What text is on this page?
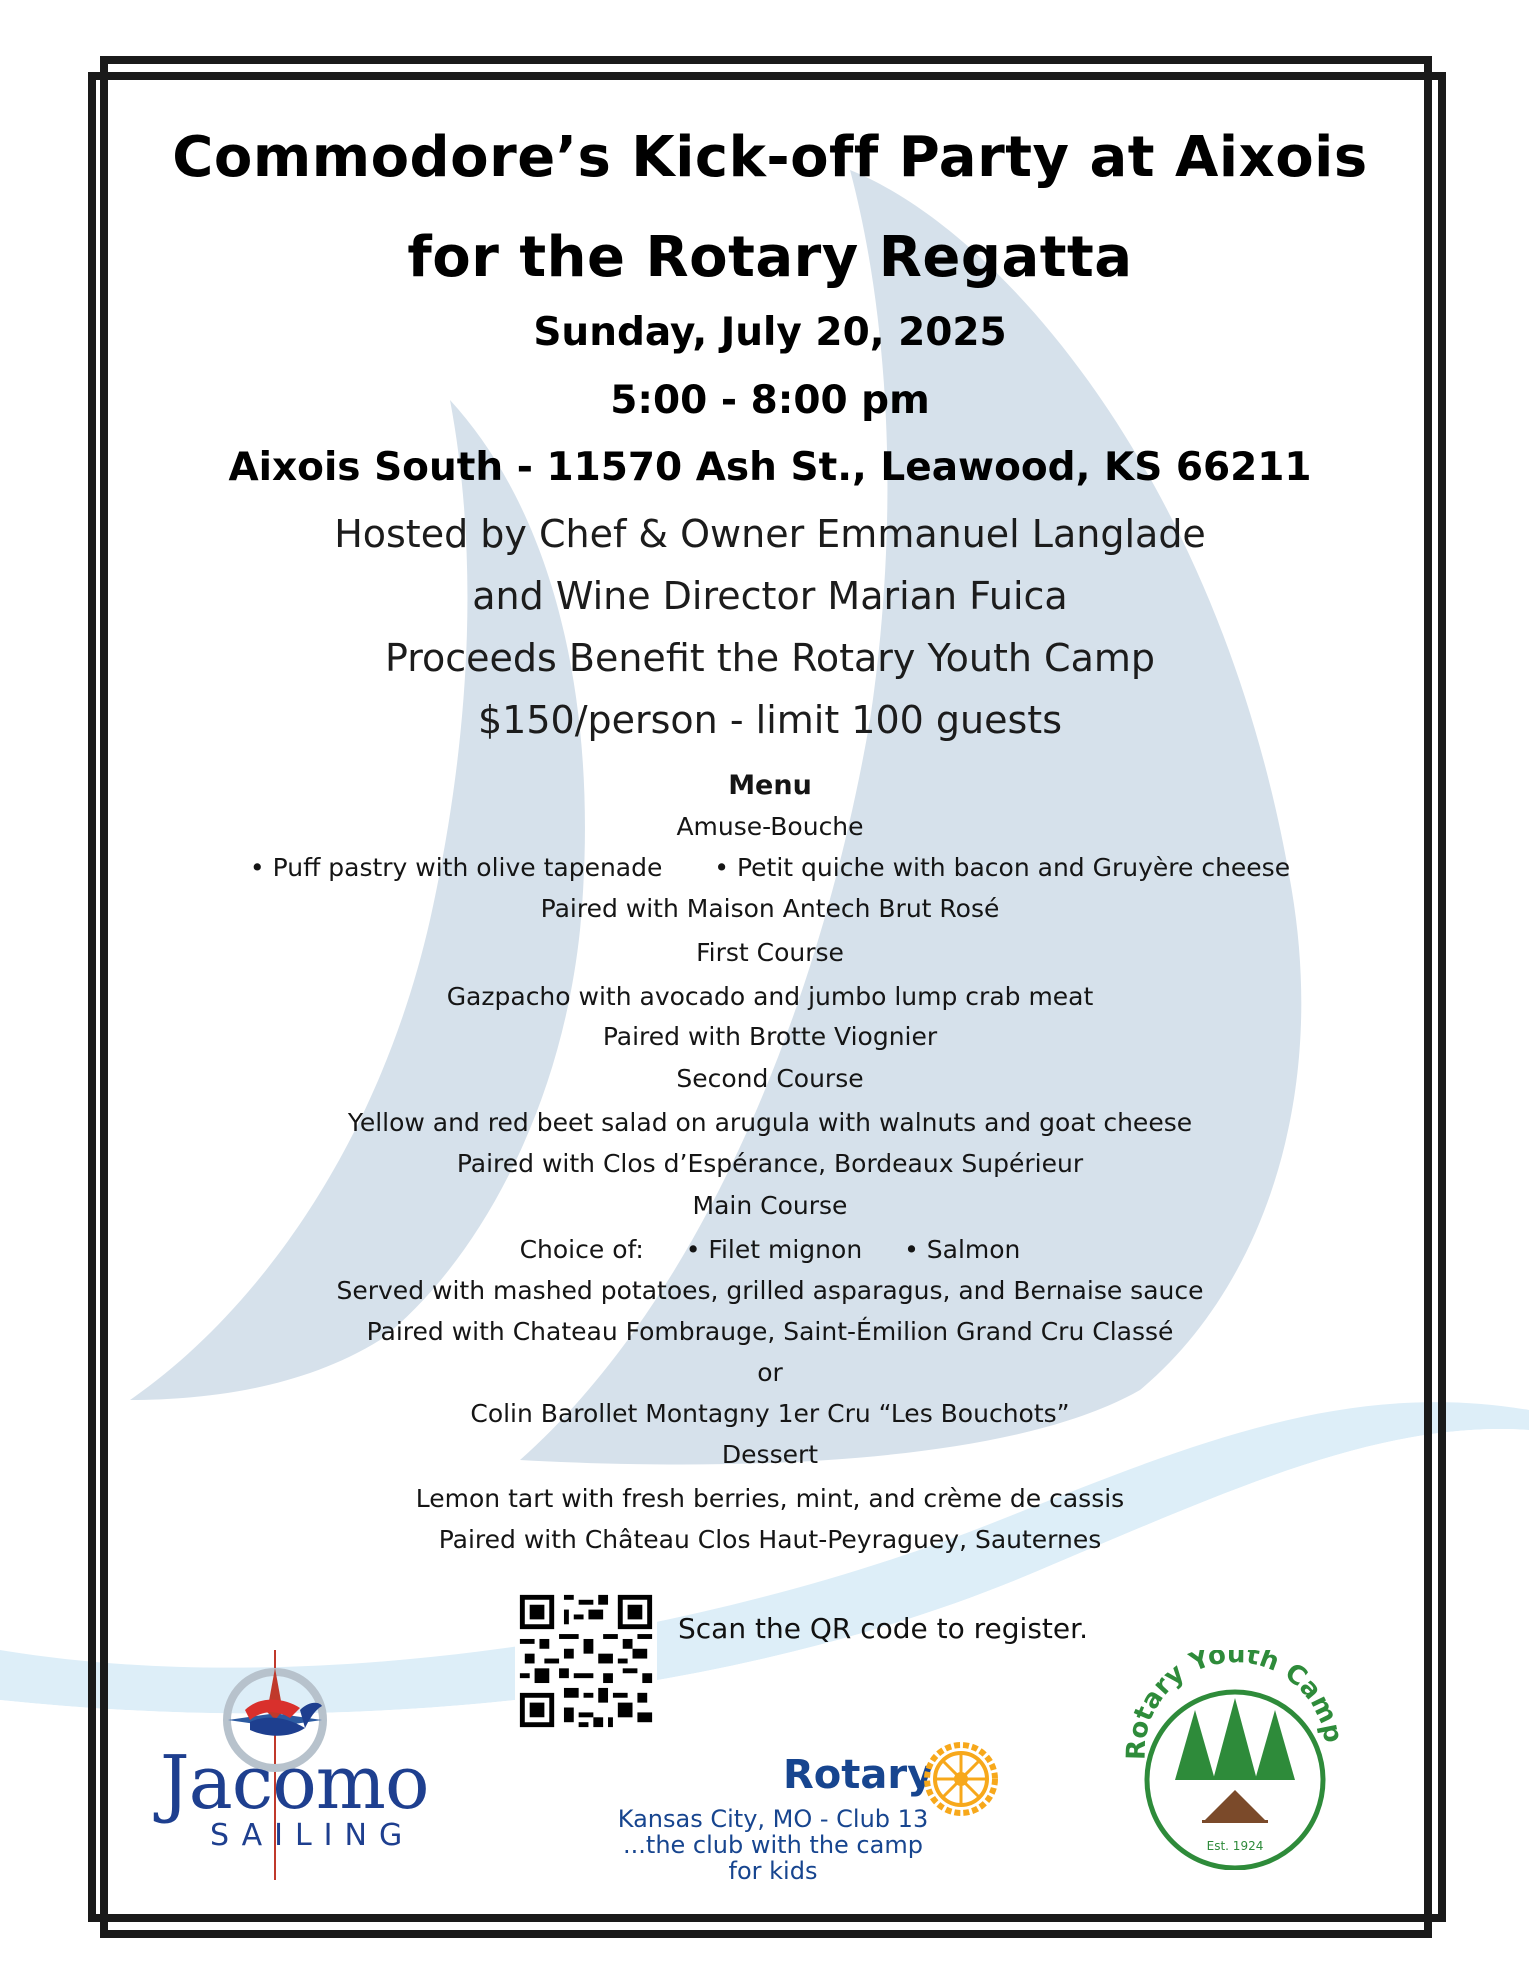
Commodore’s Kick-off Party at Aixois
for the Rotary Regatta
Sunday, July 20, 2025
5:00 - 8:00 pm
Aixois South - 11570 Ash St., Leawood, KS 66211
Hosted by Chef & Owner Emmanuel Langlade
and Wine Director Marian Fuica
Proceeds Benefit the Rotary Youth Camp
$150/person - limit 100 guests
Menu
Amuse-Bouche
• Puff pastry with olive tapenade • Petit quiche with bacon and Gruyère cheese
Paired with Maison Antech Brut Rosé
First Course
Gazpacho with avocado and jumbo lump crab meat
Paired with Brotte Viognier
Second Course
Yellow and red beet salad on arugula with walnuts and goat cheese
Paired with Clos d’Espérance, Bordeaux Supérieur
Main Course
Choice of: • Filet mignon • Salmon
Served with mashed potatoes, grilled asparagus, and Bernaise sauce
Paired with Chateau Fombrauge, Saint-Émilion Grand Cru Classé
or
Colin Barollet Montagny 1er Cru “Les Bouchots”
Dessert
Lemon tart with fresh berries, mint, and crème de cassis
Paired with Château Clos Haut-Peyraguey, Sauternes
Scan the QR code to register.
Jacomo
SAILING
Rotary
Kansas City, MO - Club 13
...the club with the camp for kids
Rotary Youth Camp
Est. 1924
